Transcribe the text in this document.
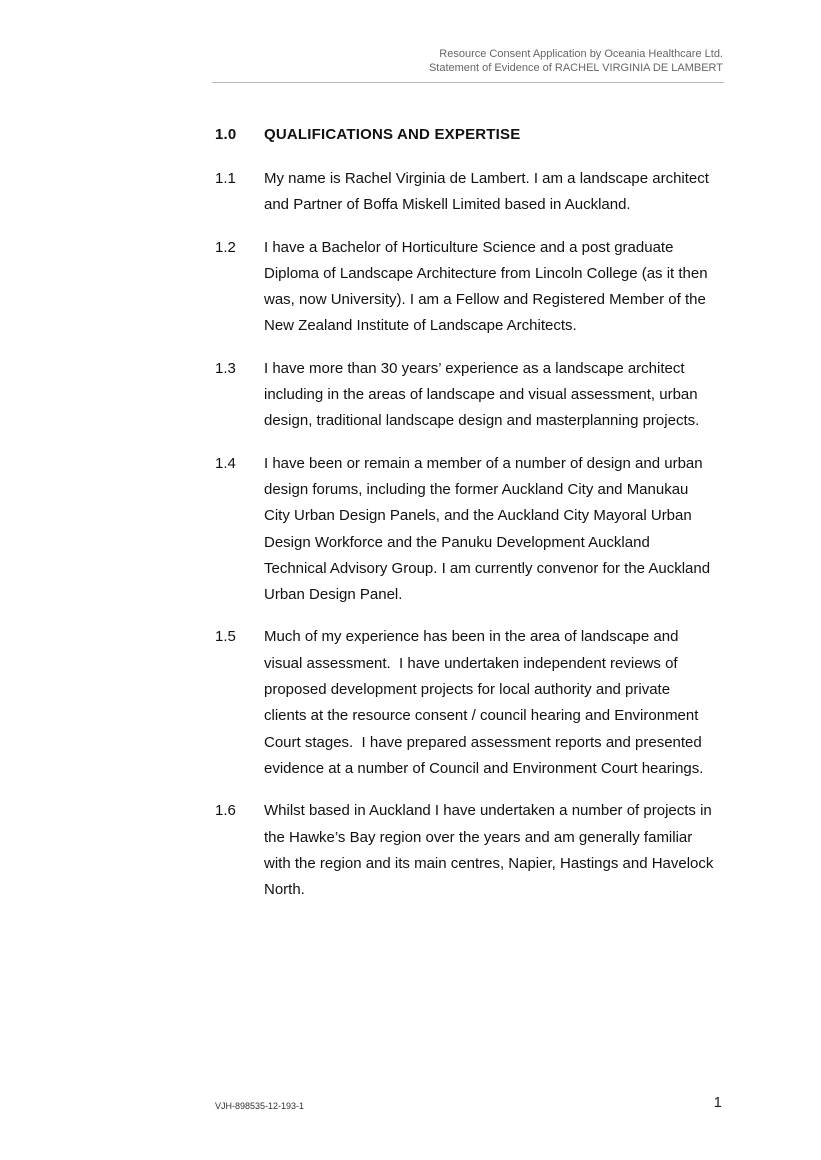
Resource Consent Application by Oceania Healthcare Ltd.
Statement of Evidence of RACHEL VIRGINIA DE LAMBERT
1.0 QUALIFICATIONS AND EXPERTISE
1.1 My name is Rachel Virginia de Lambert. I am a landscape architect
and Partner of Boffa Miskell Limited based in Auckland.
1.2 I have a Bachelor of Horticulture Science and a post graduate
Diploma of Landscape Architecture from Lincoln College (as it then
was, now University). I am a Fellow and Registered Member of the
New Zealand Institute of Landscape Architects.
1.3 I have more than 30 years’ experience as a landscape architect
including in the areas of landscape and visual assessment, urban
design, traditional landscape design and masterplanning projects.
1.4 I have been or remain a member of a number of design and urban
design forums, including the former Auckland City and Manukau
City Urban Design Panels, and the Auckland City Mayoral Urban
Design Workforce and the Panuku Development Auckland
Technical Advisory Group. I am currently convenor for the Auckland
Urban Design Panel.
1.5 Much of my experience has been in the area of landscape and
visual assessment.  I have undertaken independent reviews of
proposed development projects for local authority and private
clients at the resource consent / council hearing and Environment
Court stages.  I have prepared assessment reports and presented
evidence at a number of Council and Environment Court hearings.
1.6 Whilst based in Auckland I have undertaken a number of projects in
the Hawke’s Bay region over the years and am generally familiar
with the region and its main centres, Napier, Hastings and Havelock
North.
VJH-898535-12-193-1	1
